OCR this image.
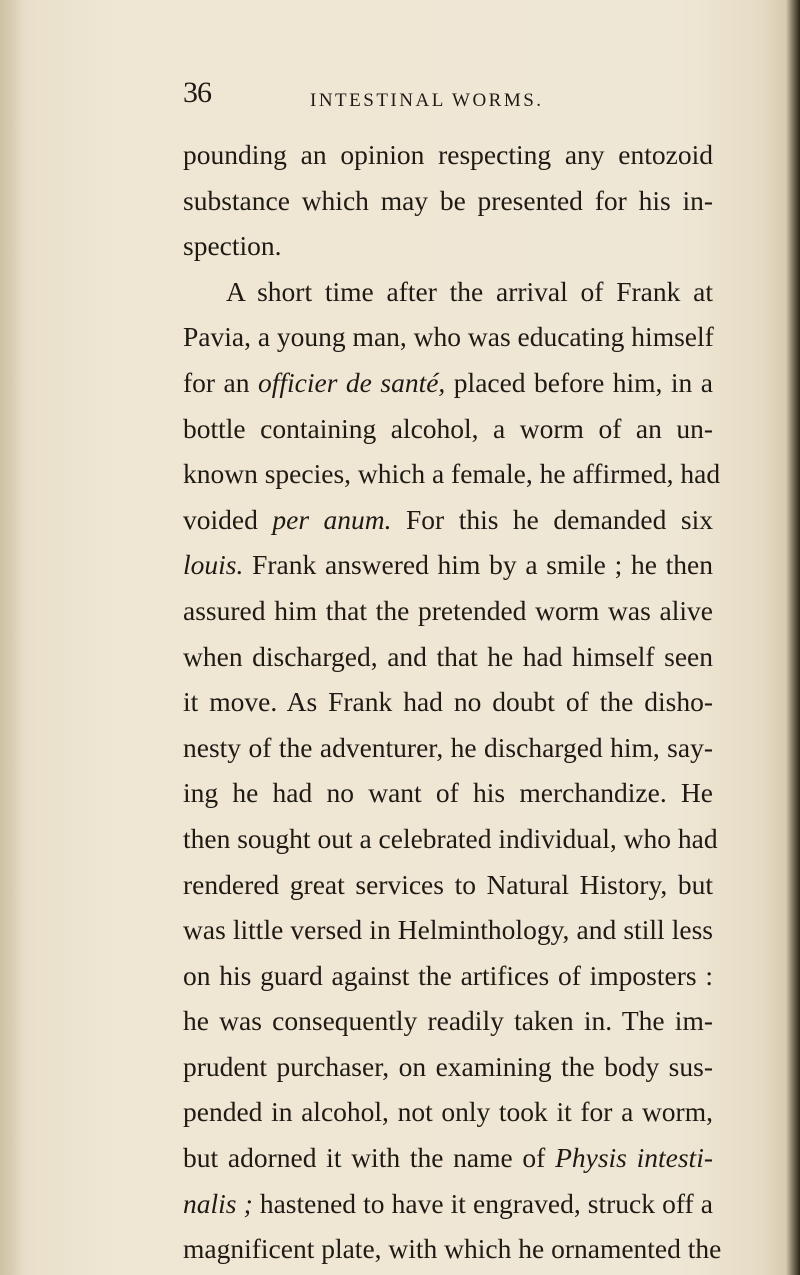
36	INTESTINAL WORMS.
pounding an opinion respecting any entozoid
substance which may be presented for his in-
spection.
A short time after the arrival of Frank at
Pavia, a young man, who was educating himself
for an officier de santé, placed before him, in a
bottle containing alcohol, a worm of an un-
known species, which a female, he affirmed, had
voided per anum. For this he demanded six
louis. Frank answered him by a smile ; he then
assured him that the pretended worm was alive
when discharged, and that he had himself seen
it move. As Frank had no doubt of the disho-
nesty of the adventurer, he discharged him, say-
ing he had no want of his merchandize. He
then sought out a celebrated individual, who had
rendered great services to Natural History, but
was little versed in Helminthology, and still less
on his guard against the artifices of imposters :
he was consequently readily taken in. The im-
prudent purchaser, on examining the body sus-
pended in alcohol, not only took it for a worm,
but adorned it with the name of Physis intesti-
nalis ; hastened to have it engraved, struck off a
magnificent plate, with which he ornamented the
